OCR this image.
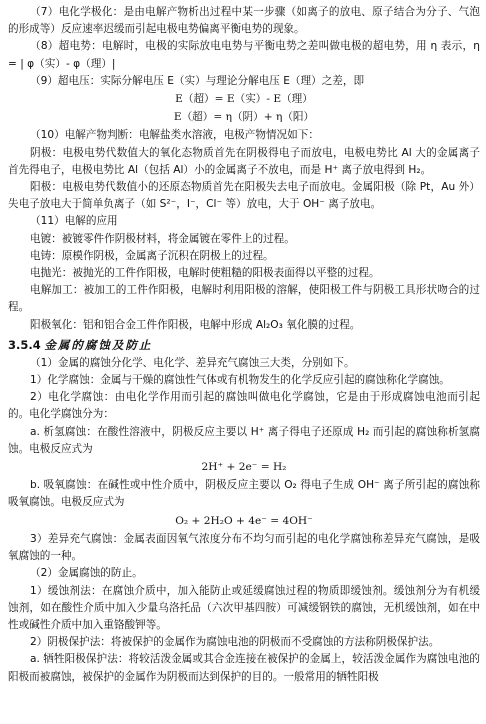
（7）电化学极化：是由电解产物析出过程中某一步骤（如离子的放电、原子结合为分子、气泡的形成等）反应速率迟缓而引起电极电势偏离平衡电势的现象。

（8）超电势：电解时，电极的实际放电电势与平衡电势之差叫做电极的超电势，用 η 表示，η = | φ（实）- φ（理）|

（9）超电压：实际分解电压 E（实）与理论分解电压 E（理）之差，即

E（超）= E（实）- E（理）

E（超）= η（阴）+ η（阳）

（10）电解产物判断：电解盐类水溶液，电极产物情况如下：

阴极：电极电势代数值大的氧化态物质首先在阴极得电子而放电，电极电势比 Al 大的金属离子首先得电子，电极电势比 Al（包括 Al）小的金属离子不放电，而是 H⁺ 离子放电得到 H₂。

阳极：电极电势代数值小的还原态物质首先在阳极失去电子而放电。金属阳极（除 Pt，Au 外）失电子放电大于简单负离子（如 S²⁻，I⁻，Cl⁻ 等）放电，大于 OH⁻ 离子放电。

（11）电解的应用

电镀：被镀零件作阴极材料，将金属镀在零件上的过程。

电铸：原模作阴极，金属离子沉积在阴极上的过程。

电抛光：被抛光的工件作阳极，电解时使粗糙的阳极表面得以平整的过程。

电解加工：被加工的工件作阳极，电解时利用阳极的溶解，使阳极工件与阴极工具形状吻合的过程。

阳极氧化：铝和铝合金工件作阳极，电解中形成 Al₂O₃ 氧化膜的过程。

3.5.4 金属的腐蚀及防止

（1）金属的腐蚀分化学、电化学、差异充气腐蚀三大类，分别如下。

1）化学腐蚀：金属与干燥的腐蚀性气体或有机物发生的化学反应引起的腐蚀称化学腐蚀。

2）电化学腐蚀：由电化学作用而引起的腐蚀叫做电化学腐蚀，它是由于形成腐蚀电池而引起的。电化学腐蚀分为：

a. 析氢腐蚀：在酸性溶液中，阴极反应主要以 H⁺ 离子得电子还原成 H₂ 而引起的腐蚀称析氢腐蚀。电极反应式为

2H⁺ + 2e⁻ = H₂

b. 吸氧腐蚀：在碱性或中性介质中，阴极反应主要以 O₂ 得电子生成 OH⁻ 离子所引起的腐蚀称吸氧腐蚀。电极反应式为

O₂ + 2H₂O + 4e⁻ = 4OH⁻

3）差异充气腐蚀：金属表面因氧气浓度分布不均匀而引起的电化学腐蚀称差异充气腐蚀，是吸氧腐蚀的一种。

（2）金属腐蚀的防止。

1）缓蚀剂法：在腐蚀介质中，加入能防止或延缓腐蚀过程的物质即缓蚀剂。缓蚀剂分为有机缓蚀剂，如在酸性介质中加入少量乌洛托品（六次甲基四胺）可减缓钢铁的腐蚀，无机缓蚀剂，如在中性或碱性介质中加入重铬酸钾等。

2）阴极保护法：将被保护的金属作为腐蚀电池的阴极而不受腐蚀的方法称阴极保护法。

a. 牺牲阳极保护法：将较活泼金属或其合金连接在被保护的金属上，较活泼金属作为腐蚀电池的阳极而被腐蚀，被保护的金属作为阴极而达到保护的目的。一般常用的牺牲阳极
